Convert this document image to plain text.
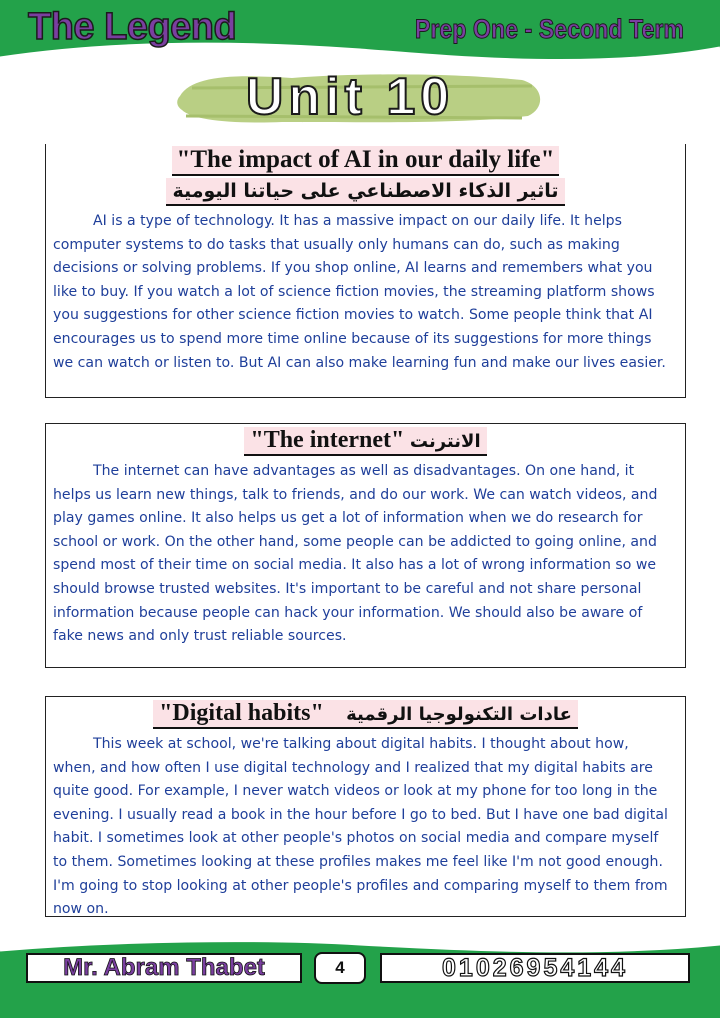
The Legend	Prep One - Second Term
Unit 10
"The impact of AI in our daily life"
تاثير الذكاء الاصطناعي على حياتنا اليومية

AI is a type of technology. It has a massive impact on our daily life. It helps computer systems to do tasks that usually only humans can do, such as making decisions or solving problems. If you shop online, AI learns and remembers what you like to buy. If you watch a lot of science fiction movies, the streaming platform shows you suggestions for other science fiction movies to watch. Some people think that AI encourages us to spend more time online because of its suggestions for more things we can watch or listen to. But AI can also make learning fun and make our lives easier.

"The internet" الانترنت

The internet can have advantages as well as disadvantages. On one hand, it helps us learn new things, talk to friends, and do our work. We can watch videos, and play games online. It also helps us get a lot of information when we do research for school or work. On the other hand, some people can be addicted to going online, and spend most of their time on social media. It also has a lot of wrong information so we should browse trusted websites. It's important to be careful and not share personal information because people can hack your information. We should also be aware of fake news and only trust reliable sources.

"Digital habits" عادات التكنولوجيا الرقمية

This week at school, we're talking about digital habits. I thought about how, when, and how often I use digital technology and I realized that my digital habits are quite good. For example, I never watch videos or look at my phone for too long in the evening. I usually read a book in the hour before I go to bed. But I have one bad digital habit. I sometimes look at other people's photos on social media and compare myself to them. Sometimes looking at these profiles makes me feel like I'm not good enough. I'm going to stop looking at other people's profiles and comparing myself to them from now on.

Mr. Abram Thabet	4	01026954144
